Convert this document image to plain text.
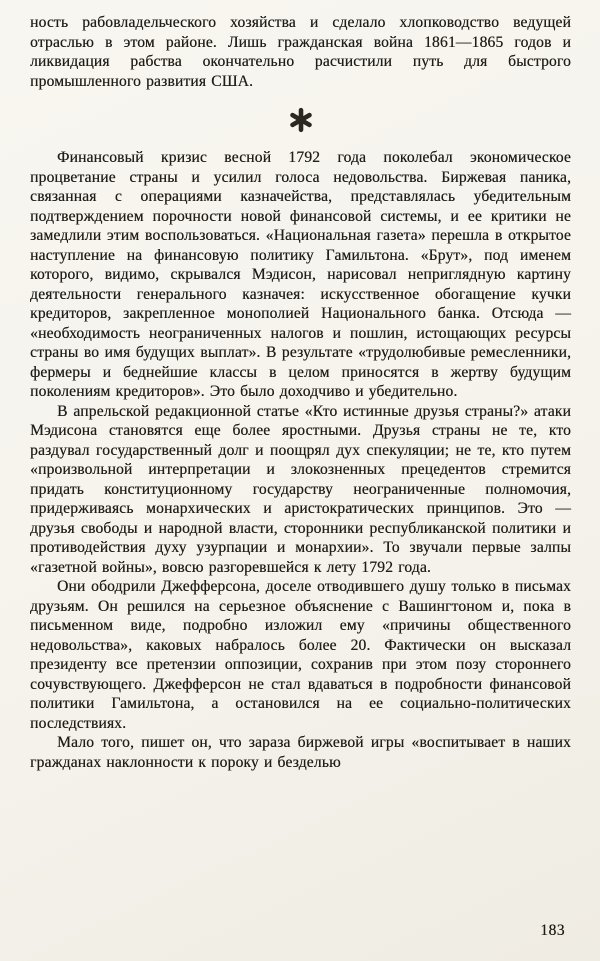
ность рабовладельческого хозяйства и сделало хлопководство ведущей отраслью в этом районе. Лишь гражданская война 1861—1865 годов и ликвидация рабства окончательно расчистили путь для быстрого промышленного развития США.

Финансовый кризис весной 1792 года поколебал экономическое процветание страны и усилил голоса недовольства. Биржевая паника, связанная с операциями казначейства, представлялась убедительным подтверждением порочности новой финансовой системы, и ее критики не замедлили этим воспользоваться. «Национальная газета» перешла в открытое наступление на финансовую политику Гамильтона. «Брут», под именем которого, видимо, скрывался Мэдисон, нарисовал неприглядную картину деятельности генерального казначея: искусственное обогащение кучки кредиторов, закрепленное монополией Национального банка. Отсюда — «необходимость неограниченных налогов и пошлин, истощающих ресурсы страны во имя будущих выплат». В результате «трудолюбивые ремесленники, фермеры и беднейшие классы в целом приносятся в жертву будущим поколениям кредиторов». Это было доходчиво и убедительно.

В апрельской редакционной статье «Кто истинные друзья страны?» атаки Мэдисона становятся еще более яростными. Друзья страны не те, кто раздувал государственный долг и поощрял дух спекуляции; не те, кто путем «произвольной интерпретации и злокозненных прецедентов стремится придать конституционному государству неограниченные полномочия, придерживаясь монархических и аристократических принципов. Это — друзья свободы и народной власти, сторонники республиканской политики и противодействия духу узурпации и монархии». То звучали первые залпы «газетной войны», вовсю разгоревшейся к лету 1792 года.

Они ободрили Джефферсона, доселе отводившего душу только в письмах друзьям. Он решился на серьезное объяснение с Вашингтоном и, пока в письменном виде, подробно изложил ему «причины общественного недовольства», каковых набралось более 20. Фактически он высказал президенту все претензии оппозиции, сохранив при этом позу стороннего сочувствующего. Джефферсон не стал вдаваться в подробности финансовой политики Гамильтона, а остановился на ее социально-политических последствиях.

Мало того, пишет он, что зараза биржевой игры «воспитывает в наших гражданах наклонности к пороку и безделью

183
